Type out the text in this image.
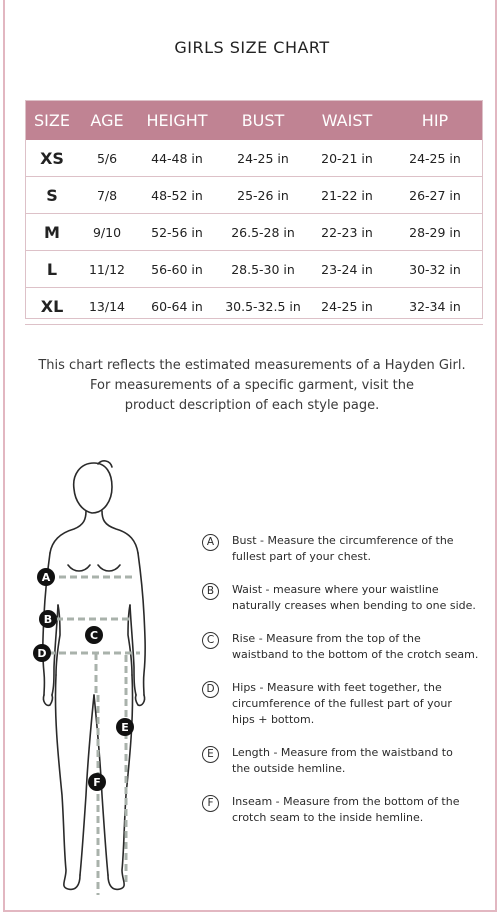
GIRLS SIZE CHART
SIZE	AGE	HEIGHT	BUST	WAIST	HIP
XS	5/6	44-48 in	24-25 in	20-21 in	24-25 in
S	7/8	48-52 in	25-26 in	21-22 in	26-27 in
M	9/10	52-56 in	26.5-28 in	22-23 in	28-29 in
L	11/12	56-60 in	28.5-30 in	23-24 in	30-32 in
XL	13/14	60-64 in	30.5-32.5 in	24-25 in	32-34 in
This chart reflects the estimated measurements of a Hayden Girl.
For measurements of a specific garment, visit the
product description of each style page.
A
B
C
D
E
F
A	Bust - Measure the circumference of the
fullest part of your chest.
B	Waist - measure where your waistline
naturally creases when bending to one side.
C	Rise - Measure from the top of the
waistband to the bottom of the crotch seam.
D	Hips - Measure with feet together, the
circumference of the fullest part of your
hips + bottom.
E	Length - Measure from the waistband to
the outside hemline.
F	Inseam - Measure from the bottom of the
crotch seam to the inside hemline.
